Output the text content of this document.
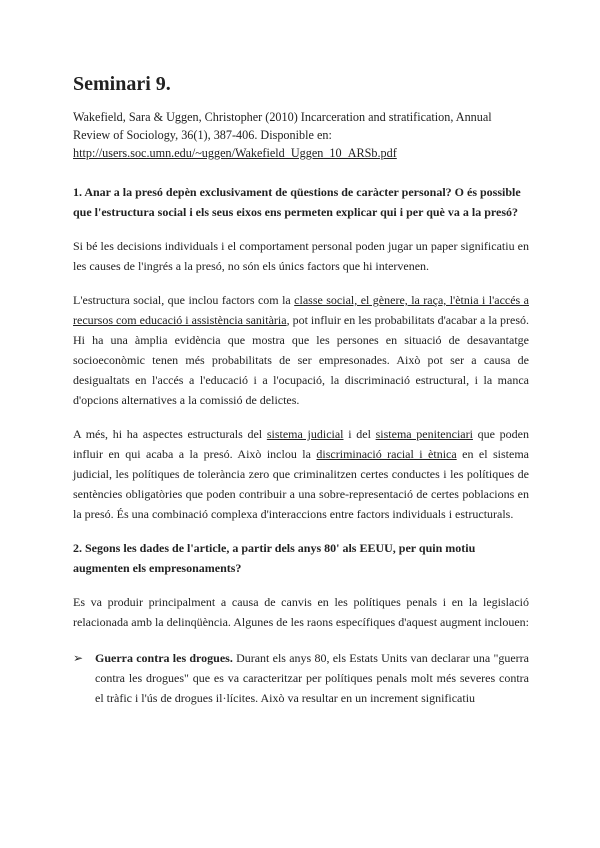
Seminari 9.
Wakefield, Sara & Uggen, Christopher (2010) Incarceration and stratification, Annual
Review of Sociology, 36(1), 387-406. Disponible en:
http://users.soc.umn.edu/~uggen/Wakefield_Uggen_10_ARSb.pdf
1. Anar a la presó depèn exclusivament de qüestions de caràcter personal? O és possible que l'estructura social i els seus eixos ens permeten explicar qui i per què va a la presó?
Si bé les decisions individuals i el comportament personal poden jugar un paper significatiu en les causes de l'ingrés a la presó, no són els únics factors que hi intervenen.
L'estructura social, que inclou factors com la classe social, el gènere, la raça, l'ètnia i l'accés a recursos com educació i assistència sanitària, pot influir en les probabilitats d'acabar a la presó. Hi ha una àmplia evidència que mostra que les persones en situació de desavantatge socioeconòmic tenen més probabilitats de ser empresonades. Això pot ser a causa de desigualtats en l'accés a l'educació i a l'ocupació, la discriminació estructural, i la manca d'opcions alternatives a la comissió de delictes.
A més, hi ha aspectes estructurals del sistema judicial i del sistema penitenciari que poden influir en qui acaba a la presó. Això inclou la discriminació racial i ètnica en el sistema judicial, les polítiques de tolerància zero que criminalitzen certes conductes i les polítiques de sentències obligatòries que poden contribuir a una sobre-representació de certes poblacions en la presó. És una combinació complexa d'interaccions entre factors individuals i estructurals.
2. Segons les dades de l'article, a partir dels anys 80' als EEUU, per quin motiu augmenten els empresonaments?
Es va produir principalment a causa de canvis en les polítiques penals i en la legislació relacionada amb la delinqüència. Algunes de les raons específiques d'aquest augment inclouen:
➢ Guerra contra les drogues. Durant els anys 80, els Estats Units van declarar una "guerra contra les drogues" que es va caracteritzar per polítiques penals molt més severes contra el tràfic i l'ús de drogues il·lícites. Això va resultar en un increment significatiu
